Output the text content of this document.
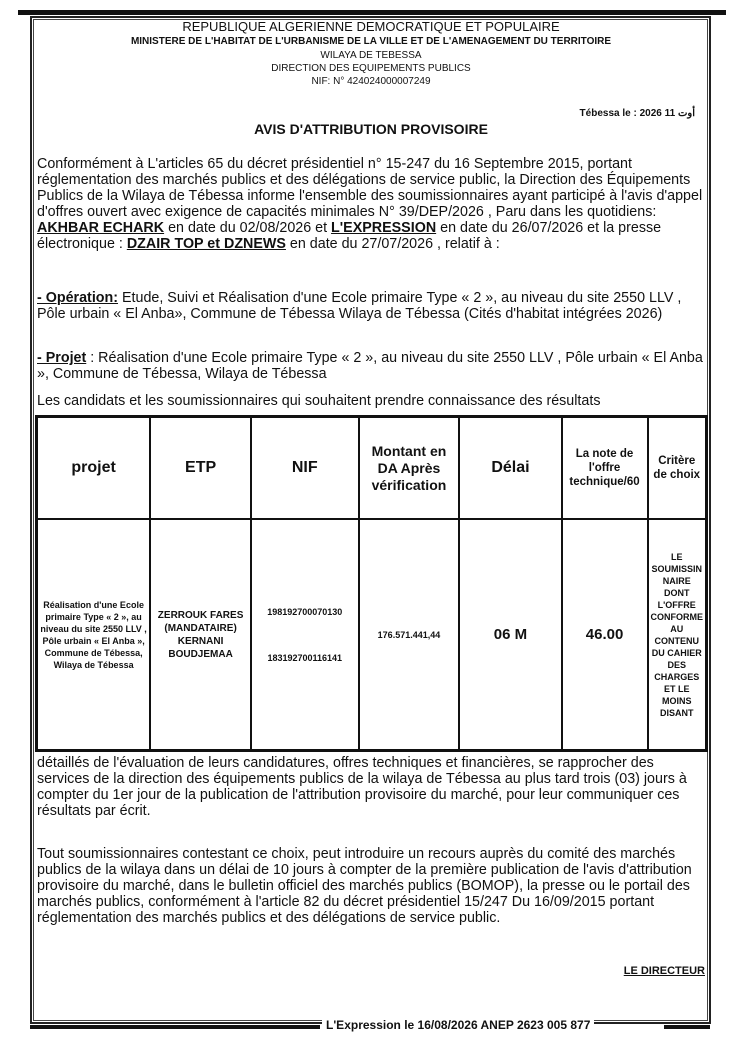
REPUBLIQUE ALGERIENNE DEMOCRATIQUE ET POPULAIRE
MINISTERE DE L'HABITAT DE L'URBANISME DE LA VILLE ET DE L'AMENAGEMENT DU TERRITOIRE
WILAYA DE TEBESSA
DIRECTION DES EQUIPEMENTS PUBLICS
NIF: N° 424024000007249
Tébessa le : 2026 أوت 11
AVIS D'ATTRIBUTION PROVISOIRE
Conformément à L'articles 65 du décret présidentiel n° 15-247 du 16 Septembre 2015, portant réglementation des marchés publics et des délégations de service public, la Direction des Équipements Publics de la Wilaya de Tébessa informe l'ensemble des soumissionnaires ayant participé à l'avis d'appel d'offres ouvert avec exigence de capacités minimales N° 39/DEP/2026 , Paru dans les quotidiens: AKHBAR ECHARK en date du 02/08/2026 et L'EXPRESSION en date du 26/07/2026 et la presse électronique : DZAIR TOP et DZNEWS en date du 27/07/2026 , relatif à :
- Opération: Etude, Suivi et Réalisation d'une Ecole primaire Type « 2 », au niveau du site 2550 LLV , Pôle urbain « El Anba», Commune de Tébessa Wilaya de Tébessa (Cités d'habitat intégrées 2026)
- Projet : Réalisation d'une Ecole primaire Type « 2 », au niveau du site 2550 LLV , Pôle urbain « El Anba », Commune de Tébessa, Wilaya de Tébessa
Les candidats et les soumissionnaires qui souhaitent prendre connaissance des résultats
projet	ETP	NIF	Montant en DA Après vérification	Délai	La note de l'offre technique/60	Critère de choix
Réalisation d'une Ecole primaire Type « 2 », au niveau du site 2550 LLV , Pôle urbain « El Anba », Commune de Tébessa, Wilaya de Tébessa	ZERROUK FARES (MANDATAIRE) KERNANI BOUDJEMAA	198192700070130
183192700116141	176.571.441,44	06 M	46.00	LE SOUMISSIN NAIRE DONT L'OFFRE CONFORME AU CONTENU DU CAHIER DES CHARGES ET LE MOINS DISANT
détaillés de l'évaluation de leurs candidatures, offres techniques et financières, se rapprocher des services de la direction des équipements publics de la wilaya de Tébessa au plus tard trois (03) jours à compter du 1er jour de la publication de l'attribution provisoire du marché, pour leur communiquer ces résultats par écrit.
Tout soumissionnaires contestant ce choix, peut introduire un recours auprès du comité des marchés publics de la wilaya dans un délai de 10 jours à compter de la première publication de l'avis d'attribution provisoire du marché, dans le bulletin officiel des marchés publics (BOMOP), la presse ou le portail des marchés publics, conformément à l'article 82 du décret présidentiel 15/247 Du 16/09/2015 portant réglementation des marchés publics et des délégations de service public.
LE DIRECTEUR
L'Expression le 16/08/2026 ANEP 2623 005 877
